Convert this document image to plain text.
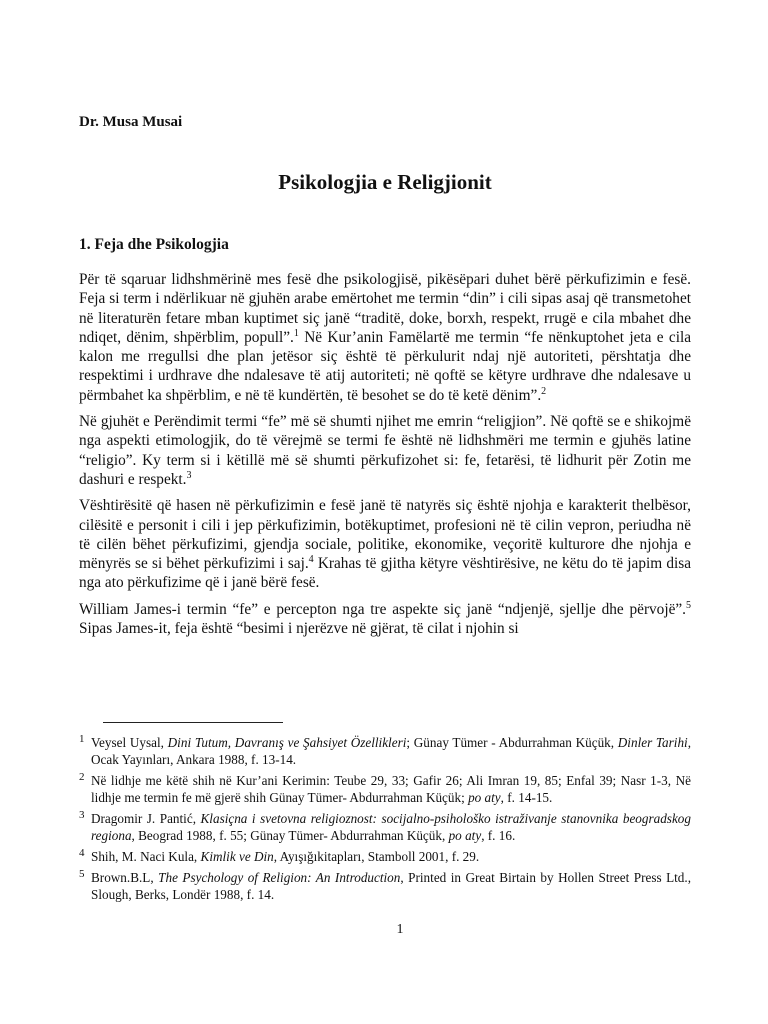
Dr. Musa Musai
Psikologjia e Religjionit
1. Feja dhe Psikologjia

Për të sqaruar lidhshmërinë mes fesë dhe psikologjisë, pikësëpari duhet bërë përkufizimin e fesë. Feja si term i ndërlikuar në gjuhën arabe emërtohet me termin “din” i cili sipas asaj që transmetohet në literaturën fetare mban kuptimet siç janë “traditë, doke, borxh, respekt, rrugë e cila mbahet dhe ndiqet, dënim, shpërblim, popull”.$^1$ Në Kur’anin Famëlartë me termin “fe nënkuptohet jeta e cila kalon me rregullsi dhe plan jetësor siç është të përkulurit ndaj një autoriteti, përshtatja dhe respektimi i urdhrave dhe ndalesave të atij autoriteti; në qoftë se këtyre urdhrave dhe ndalesave u përmbahet ka shpërblim, e në të kundërtën, të besohet se do të ketë dënim”.$^2$

Në gjuhët e Perëndimit termi “fe” më së shumti njihet me emrin “religjion”. Në qoftë se e shikojmë nga aspekti etimologjik, do të vërejmë se termi fe është në lidhshmëri me termin e gjuhës latine “religio”. Ky term si i këtillë më së shumti përkufizohet si: fe, fetarësi, të lidhurit për Zotin me dashuri e respekt.$^3$

Vështirësitë që hasen në përkufizimin e fesë janë të natyrës siç është njohja e karakterit thelbësor, cilësitë e personit i cili i jep përkufizimin, botëkuptimet, profesioni në të cilin vepron, periudha në të cilën bëhet përkufizimi, gjendja sociale, politike, ekonomike, veçoritë kulturore dhe njohja e mënyrës se si bëhet përkufizimi i saj.$^4$ Krahas të gjitha këtyre vështirësive, ne këtu do të japim disa nga ato përkufizime që i janë bërë fesë.

William James-i termin “fe” e percepton nga tre aspekte siç janë “ndjenjë, sjellje dhe përvojë”.$^5$ Sipas James-it, feja është “besimi i njerëzve në gjërat, të cilat i njohin si

1 Veysel Uysal, Dini Tutum, Davranış ve Şahsiyet Özellikleri; Günay Tümer - Abdurrahman Küçük, Dinler Tarihi, Ocak Yayınları, Ankara 1988, f. 13-14.
2 Në lidhje me këtë shih në Kur’ani Kerimin: Teube 29, 33; Gafir 26; Ali Imran 19, 85; Enfal 39; Nasr 1-3, Në lidhje me termin fe më gjerë shih Günay Tümer- Abdurrahman Küçük; po aty, f. 14-15.
3 Dragomir J. Pantić, Klasiçna i svetovna religioznost: socijalno-psihološko istraživanje stanovnika beogradskog regiona, Beograd 1988, f. 55; Günay Tümer- Abdurrahman Küçük, po aty, f. 16.
4 Shih, M. Naci Kula, Kimlik ve Din, Ayışığıkitapları, Stamboll 2001, f. 29.
5 Brown.B.L, The Psychology of Religion: An Introduction, Printed in Great Birtain by Hollen Street Press Ltd., Slough, Berks, Londër 1988, f. 14.
1
